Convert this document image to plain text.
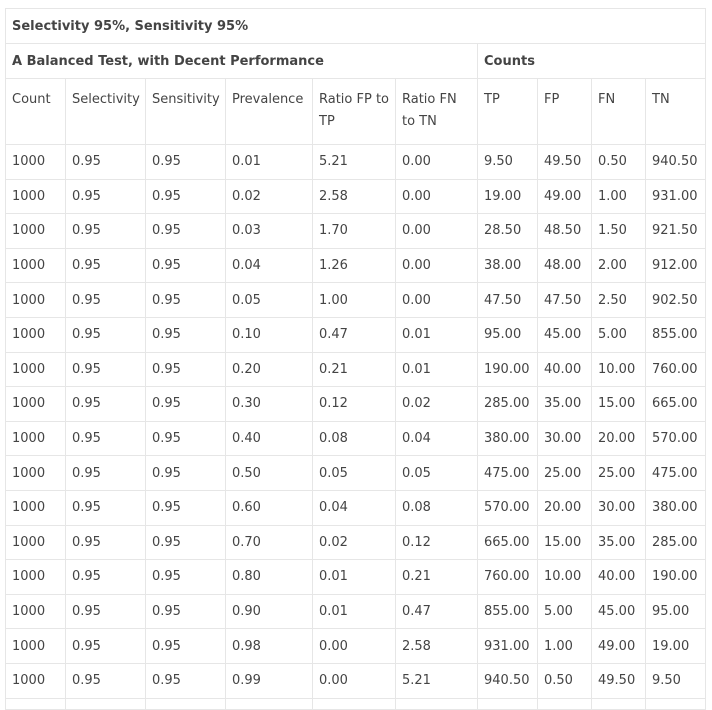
Selectivity 95%, Sensitivity 95%									
A Balanced Test, with Decent Performance						Counts			
Count	Selectivity	Sensitivity	Prevalence	Ratio FP to TP	Ratio FN to TN	TP	FP	FN	TN
1000	0.95	0.95	0.01	5.21	0.00	9.50	49.50	0.50	940.50
1000	0.95	0.95	0.02	2.58	0.00	19.00	49.00	1.00	931.00
1000	0.95	0.95	0.03	1.70	0.00	28.50	48.50	1.50	921.50
1000	0.95	0.95	0.04	1.26	0.00	38.00	48.00	2.00	912.00
1000	0.95	0.95	0.05	1.00	0.00	47.50	47.50	2.50	902.50
1000	0.95	0.95	0.10	0.47	0.01	95.00	45.00	5.00	855.00
1000	0.95	0.95	0.20	0.21	0.01	190.00	40.00	10.00	760.00
1000	0.95	0.95	0.30	0.12	0.02	285.00	35.00	15.00	665.00
1000	0.95	0.95	0.40	0.08	0.04	380.00	30.00	20.00	570.00
1000	0.95	0.95	0.50	0.05	0.05	475.00	25.00	25.00	475.00
1000	0.95	0.95	0.60	0.04	0.08	570.00	20.00	30.00	380.00
1000	0.95	0.95	0.70	0.02	0.12	665.00	15.00	35.00	285.00
1000	0.95	0.95	0.80	0.01	0.21	760.00	10.00	40.00	190.00
1000	0.95	0.95	0.90	0.01	0.47	855.00	5.00	45.00	95.00
1000	0.95	0.95	0.98	0.00	2.58	931.00	1.00	49.00	19.00
1000	0.95	0.95	0.99	0.00	5.21	940.50	0.50	49.50	9.50
